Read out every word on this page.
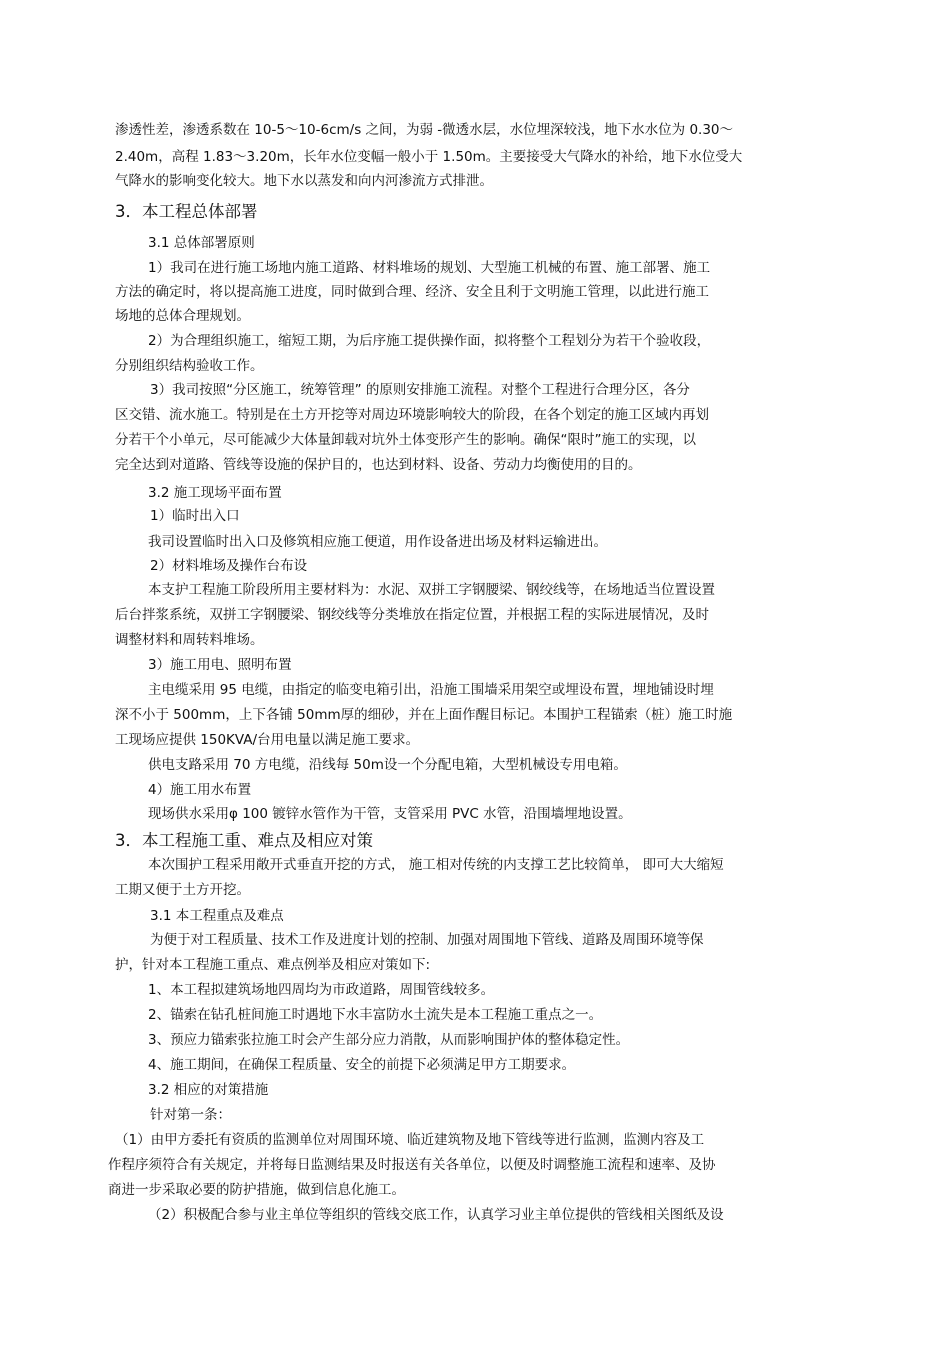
渗透性差，渗透系数在 10-5～10-6cm/s 之间，为弱 -微透水层，水位埋深较浅，地下水水位为 0.30～
2.40m，高程 1.83～3.20m，长年水位变幅一般小于 1.50m。主要接受大气降水的补给，地下水位受大
气降水的影响变化较大。地下水以蒸发和向内河渗流方式排泄。
3．本工程总体部署
3.1 总体部署原则
1）我司在进行施工场地内施工道路、材料堆场的规划、大型施工机械的布置、施工部署、施工
方法的确定时，将以提高施工进度，同时做到合理、经济、安全且利于文明施工管理，以此进行施工
场地的总体合理规划。
2）为合理组织施工，缩短工期，为后序施工提供操作面，拟将整个工程划分为若干个验收段，
分别组织结构验收工作。
3）我司按照“分区施工，统筹管理” 的原则安排施工流程。对整个工程进行合理分区，各分
区交错、流水施工。特别是在土方开挖等对周边环境影响较大的阶段，在各个划定的施工区域内再划
分若干个小单元，尽可能减少大体量卸载对坑外土体变形产生的影响。确保“限时”施工的实现，以
完全达到对道路、管线等设施的保护目的，也达到材料、设备、劳动力均衡使用的目的。
3.2 施工现场平面布置
1）临时出入口
我司设置临时出入口及修筑相应施工便道，用作设备进出场及材料运输进出。
2）材料堆场及操作台布设
本支护工程施工阶段所用主要材料为：水泥、双拼工字钢腰梁、钢绞线等，在场地适当位置设置
后台拌浆系统，双拼工字钢腰梁、钢绞线等分类堆放在指定位置，并根据工程的实际进展情况，及时
调整材料和周转料堆场。
3）施工用电、照明布置
主电缆采用 95 电缆，由指定的临变电箱引出，沿施工围墙采用架空或埋设布置，埋地铺设时埋
深不小于 500mm，上下各铺 50mm厚的细砂，并在上面作醒目标记。本围护工程锚索（桩）施工时施
工现场应提供 150KVA/台用电量以满足施工要求。
供电支路采用 70 方电缆，沿线每 50m设一个分配电箱，大型机械设专用电箱。
4）施工用水布置
现场供水采用φ 100 镀锌水管作为干管，支管采用 PVC 水管，沿围墙埋地设置。
3．本工程施工重、难点及相应对策
本次围护工程采用敞开式垂直开挖的方式， 施工相对传统的内支撑工艺比较简单， 即可大大缩短
工期又便于土方开挖。
3.1 本工程重点及难点
为便于对工程质量、技术工作及进度计划的控制、加强对周围地下管线、道路及周围环境等保
护，针对本工程施工重点、难点例举及相应对策如下:
1、本工程拟建筑场地四周均为市政道路，周围管线较多。
2、锚索在钻孔桩间施工时遇地下水丰富防水土流失是本工程施工重点之一。
3、预应力锚索张拉施工时会产生部分应力消散，从而影响围护体的整体稳定性。
4、施工期间，在确保工程质量、安全的前提下必须满足甲方工期要求。
3.2 相应的对策措施
针对第一条：
（1）由甲方委托有资质的监测单位对周围环境、临近建筑物及地下管线等进行监测，监测内容及工
作程序须符合有关规定，并将每日监测结果及时报送有关各单位，以便及时调整施工流程和速率、及协
商进一步采取必要的防护措施，做到信息化施工。
（2）积极配合参与业主单位等组织的管线交底工作，认真学习业主单位提供的管线相关图纸及设
